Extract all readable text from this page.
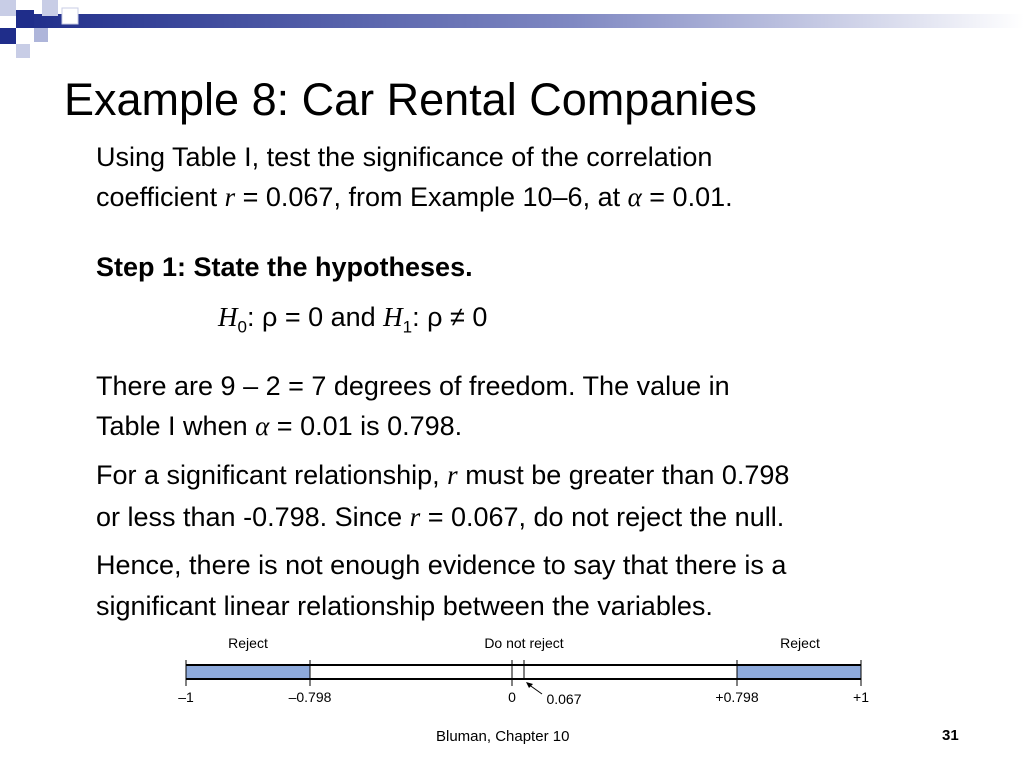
Example 8: Car Rental Companies
Using Table I, test the significance of the correlation
coefficient r = 0.067, from Example 10–6, at α = 0.01.
Step 1: State the hypotheses.
$H_0$: ρ = 0 and $H_1$: ρ ≠ 0
There are 9 – 2 = 7 degrees of freedom. The value in
Table I when α = 0.01 is 0.798.
For a significant relationship, r must be greater than 0.798
or less than -0.798. Since r = 0.067, do not reject the null.
Hence, there is not enough evidence to say that there is a
significant linear relationship between the variables.
Reject	Do not reject	Reject
–1	–0.798	0	+0.798	+1
0.067
Bluman, Chapter 10	31
